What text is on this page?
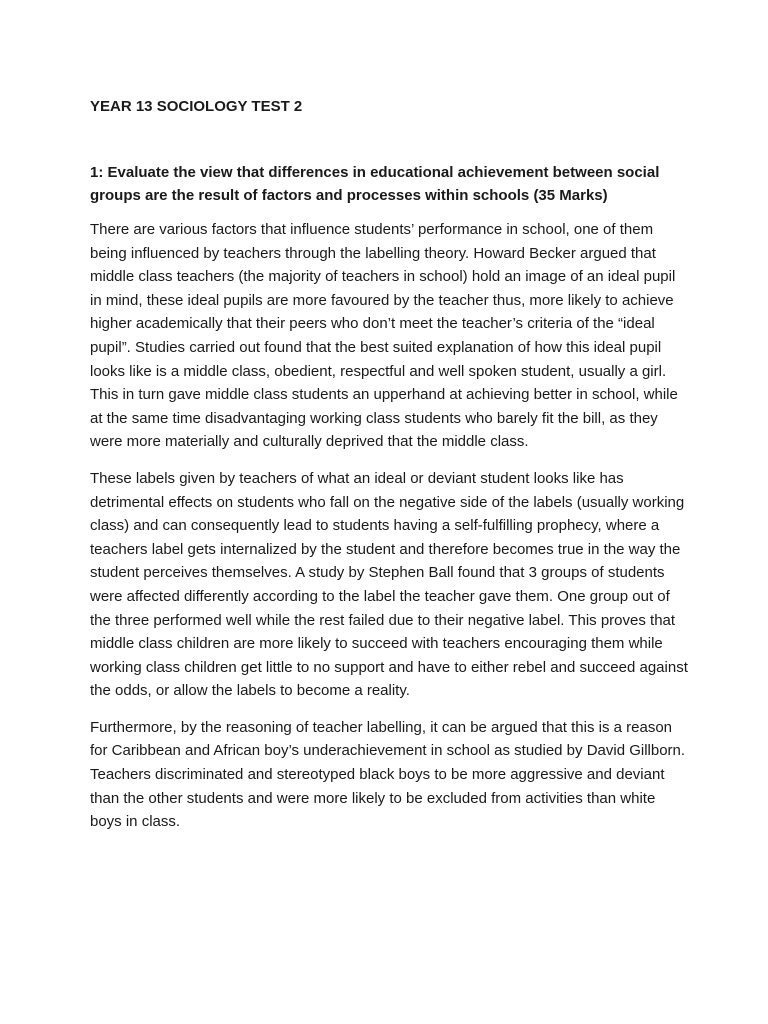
YEAR 13 SOCIOLOGY TEST 2

1: Evaluate the view that differences in educational achievement between social groups are the result of factors and processes within schools (35 Marks)

There are various factors that influence students’ performance in school, one of them being influenced by teachers through the labelling theory. Howard Becker argued that middle class teachers (the majority of teachers in school) hold an image of an ideal pupil in mind, these ideal pupils are more favoured by the teacher thus, more likely to achieve higher academically that their peers who don’t meet the teacher’s criteria of the “ideal pupil”. Studies carried out found that the best suited explanation of how this ideal pupil looks like is a middle class, obedient, respectful and well spoken student, usually a girl. This in turn gave middle class students an upperhand at achieving better in school, while at the same time disadvantaging working class students who barely fit the bill, as they were more materially and culturally deprived that the middle class.

These labels given by teachers of what an ideal or deviant student looks like has detrimental effects on students who fall on the negative side of the labels (usually working class) and can consequently lead to students having a self-fulfilling prophecy, where a teachers label gets internalized by the student and therefore becomes true in the way the student perceives themselves. A study by Stephen Ball found that 3 groups of students were affected differently according to the label the teacher gave them. One group out of the three performed well while the rest failed due to their negative label. This proves that middle class children are more likely to succeed with teachers encouraging them while working class children get little to no support and have to either rebel and succeed against the odds, or allow the labels to become a reality.

Furthermore, by the reasoning of teacher labelling, it can be argued that this is a reason for Caribbean and African boy’s underachievement in school as studied by David Gillborn. Teachers discriminated and stereotyped black boys to be more aggressive and deviant than the other students and were more likely to be excluded from activities than white boys in class.
